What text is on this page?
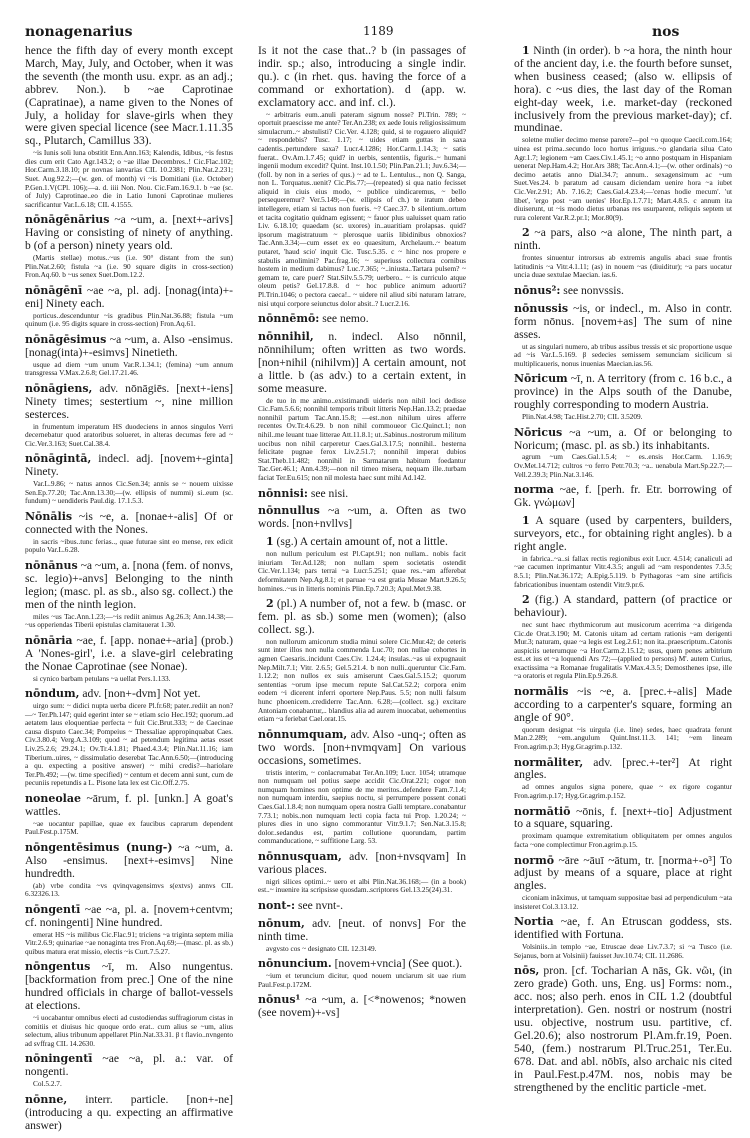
nonagenarius	1189	nos
hence the fifth day of every month except March, May, July, and October, when it was the seventh (the month usu. expr. as an adj.; abbrev. Non.). b ~ae Caprotinae (Capratinae), a name given to the Nones of July, a holiday for slave-girls when they were given special licence (see Macr.1.11.35 sq., Plutarch, Camillus 33).
~is Iunis soli luna obstitit Enn.Ann.163; Kalendis, Idibus, ~is festus dies cum erit Cato Agr.143.2; o ~ae illae Decembres..! Cic.Flac.102; Hor.Carm.3.18.10; pr novnas ianvarias CIL 10.2381; Plin.Nat.2.231; Suet. Aug.92.2;—(w. gen. of month) vi ~is Domitiani (i.e. October) P.Gen.1.V(CPl. 106);—a. d. iiii Non. Nou. Cic.Fam.16.9.1. b ~ae (sc. of July) Caprotinae..eo die in Latio Iunoni Caprotinae mulieres sacrificantur Var.L.6.18; CIL 4.1555.
nōnāgēnārius ~a ~um, a. [next+-arivs] Having or consisting of ninety of anything. b (of a person) ninety years old.
(Martis stellae) motus..~us (i.e. 90° distant from the sun) Plin.Nat.2.60; fistula ~a (i.e. 90 square digits in cross-section) Fron.Aq.60. b ~us senex Suet.Dom.12.2.
nōnāgēnī ~ae ~a, pl. adj. [nonag(inta)+-eni] Ninety each.
porticus..descenduntur ~is gradibus Plin.Nat.36.88; fistula ~um quinum (i.e. 95 digits square in cross-section) Fron.Aq.61.
nōnāgēsimus ~a ~um, a. Also -ensimus. [nonag(inta)+-esimvs] Ninetieth.
usque ad diem ~um unum Var.R.1.34.1; (femina) ~um annum transgressa V.Max.2.6.8; Gel.17.21.46.
nōnāgiens, adv. nōnāgiēs. [next+-iens] Ninety times; sestertium ~, nine million sesterces.
in frumentum imperatum HS duodeciens in annos singulos Verri decernebatur quod aratoribus solueret, in alteras decumas fere ad ~ Cic.Ver.3.163; Suet.Cal.38.4.
nōnāgintā, indecl. adj. [novem+-ginta] Ninety.
Var.L.9.86; ~ natus annos Cic.Sen.34; annis se ~ nouem uixisse Sen.Ep.77.20; Tac.Ann.13.30;—(w. ellipsis of nummi) si..eum (sc. fundum) ~ uendideris Paul.dig. 17.1.5.3.
Nōnālis ~is ~e, a. [nonae+-alis] Of or connected with the Nones.
in sacris ~ibus..tunc ferias.., quae futurae sint eo mense, rex edicit populo Var.L.6.28.
nōnānus ~a ~um, a. [nona (fem. of nonvs, sc. legio)+-anvs] Belonging to the ninth legion; (masc. pl. as sb., also sg. collect.) the men of the ninth legion.
miles ~us Tac.Ann.1.23;—~is rediit animus Ag.26.3; Ann.14.38;—~us opperiendas Tiberii epistulas clamitauerat 1.30.
nōnāria ~ae, f. [app. nonae+-aria] (prob.) A 'Nones-girl', i.e. a slave-girl celebrating the Nonae Caprotinae (see Nonae).
si cynico barbam petulans ~a uellat Pers.1.133.
nōndum, adv. [non+-dvm] Not yet.
uirgo sum: ~ didici nupta uerba dicere Pl.fr.68; pater..rediit an non?—~ Ter.Ph.147; quid egerint inter se ~ etiam scio Hec.192; quorum..ad aetatem laus eloquentiae perfecta ~ fuit Cic.Brut.333; ~ de Caecinae causa disputo Caec.34; Pompeius ~ Thessaliae appropinquabat Caes. Civ.3.80.4; Verg.A.3.109; quod ~ ad petendum legitima aetas esset Liv.25.2.6; 29.24.1; Ov.Tr.4.1.81; Phaed.4.3.4; Plin.Nat.11.16; iam Tiberium..uires, ~ dissimulatio deserebat Tac.Ann.6.50;—(introducing a qu. expecting a positive answer) ~ mihi credis?—hariolare Ter.Ph.492; —(w. time specified) ~ centum et decem anni sunt, cum de pecuniis repetundis a L. Pisone lata lex est Cic.Off.2.75.
noneolae ~ārum, f. pl. [unkn.] A goat's wattles.
~ae uocantur papillae, quae ex faucibus caprarum dependent Paul.Fest.p.175M.
nōngentēsimus (nung-) ~a ~um, a. Also -ensimus. [next+-esimvs] Nine hundredth.
(ab) vrbe condita ~vs qvinqvagensimvs s(extvs) annvs CIL 6.32326.13.
nōngentī ~ae ~a, pl. a. [novem+centvm; cf. noningenti] Nine hundred.
emerat HS ~is milibus Cic.Flac.91; triciens ~a triginta septem milia Vitr.2.6.9; quinariae ~ae nonaginta tres Fron.Aq.69;—(masc. pl. as sb.) quibus matura erat missio, electis ~is Curt.7.5.27.
nōngentus ~ī, m. Also nungentus. [backformation from prec.] One of the nine hundred officials in charge of ballot-vessels at elections.
~i uocabantur omnibus electi ad custodiendas suffragiorum cistas in comitiis et diuisus hic quoque ordo erat.. cum alius se ~um, alius selectum, alius tribunum appellaret Plin.Nat.33.31. β t flavio..nvngento ad svffrag CIL 14.2630.
nōningentī ~ae ~a, pl. a.: var. of nongenti.
Col.5.2.7.
nōnne, interr. particle. [non+-ne] (introducing a qu. expecting an affirmative answer)
Is it not the case that..? b (in passages of indir. sp.; also, introducing a single indir. qu.). c (in rhet. qus. having the force of a command or exhortation). d (app. w. exclamatory acc. and inf. cl.).
~ arbitraris eum..anuli pateram signum nosse? Pl.Trin. 789; ~ oportuit praescisse me ante? Ter.An.238; ex aede Iouis religiosissimum simulacrum..~ abstulisti? Cic.Ver. 4.128; quid, si te rogauero aliquid? ~ respondebis? Tusc. 1.17; ~ uides etiam guttas in saxa cadentis..pertundere saxa? Lucr.4.1286; Hor.Carm.1.14.3; ~ satis fuerat.. Ov.Am.1.7.45; quid? in uerbis, sententiis, figuris..~ humani ingenii modum excedit? Quint. Inst.10.1.50; Plin.Pan.21.1; Juv.6.34;—(foll. by non in a series of qus.) ~ ad te L. Lentulus.., non Q. Sanga, non L. Torquatus..uenit? Cic.Pis.77;—(repeated) si qua natio fecisset aliquid in ciuis eius modo, ~ publice uindicaremus, ~ bello persequeremur? Ver.5.149;—(w. ellipsis of ch.) te iratum debeo intellegere, etiam si tactus non fueris. ~? Caec.37. b silentium..ortum et tacita cogitatio quidnam egissent; ~ fauor plus ualuisset quam ratio Liv. 6.18.10; quaedam (sc. uxores) in..auaritiam prolapsas. quid? ipsorum magistratuum ~ plerosque uariis libidinibus obnoxios? Tac.Ann.3.34;—cum esset ex eo quaesitum, Archelaum..~ beatum putaret, 'haud scio' inquit Cic. Tusc.5.35. c ~ hinc nos propere e stabulis amolimini? Pac.frag.16; ~ superiuss collectura cornibus hostem in medium dabimus? Luc.7.365; ~..iniusta..Tartara pulsem? ~ gemam te, care puer? Stat.Silv.5.5.79; uerbero.. ~ is curriculo atque oleum petis? Gel.17.8.8. d ~ hoc publice animum aduorti? Pl.Trin.1046; o pectora caeca!.. ~ uidere nil aliud sibi naturam latrare, nisi utqui corpore seiunctus dolor absit..? Lucr.2.16.
nōnnēmō: see nemo.
nōnnihil, n. indecl. Also nōnnil, nōnnihilum; often written as two words. [non+nihil (nihilvm)] A certain amount, not a little. b (as adv.) to a certain extent, in some measure.
de tuo in me animo..existimandi uideris non nihil loci dedisse Cic.Fam.5.6.6; nonnihil temporis tribuit litteris Nep.Han.13.2; praedae nonnihil partum Tac.Ann.15.8; —est..non nihilum uires afferre recentes Ov.Tr.4.6.29. b non nihil commoueor Cic.Quinct.1; non nihil..me leuant tuae litterae Att.11.8.1; ut..Sabinus..nostrorum militum uocibus non nihil carperetur Caes.Gal.3.17.5; nonnihil.. hesterna felicitate pugnae ferox Liv.2.51.7; nonnihil imperat dubios Stat.Theb.11.482; nonnihil in Sarmatarum habitum foedantur Tac.Ger.46.1; Ann.4.39;—non nil timeo misera, nequam ille..turbam faciat Ter.Eu.615; non nil molesta haec sunt mihi Ad.142.
nōnnisi: see nisi.
nōnnullus ~a ~um, a. Often as two words. [non+nvllvs]
1 (sg.) A certain amount of, not a little.
non nullum periculum est Pl.Capt.91; non nullam.. nobis facit iniuriam Ter.Ad.128; non nullam spem societatis ostendit Cic.Ver.1.134; pars terrai ~a Lucr.5.251; quae res..~am afferebat deformitatem Nep.Ag.8.1; et paruae ~a est gratia Musae Mart.9.26.5; homines..~us in litteris nominis Plin.Ep.7.20.3; Apul.Met.9.38.
2 (pl.) A number of, not a few. b (masc. or fem. pl. as sb.) some men (women); (also collect. sg.).
non nullorum amicorum studia minui solere Cic.Mur.42; de ceteris sunt inter illos non nulla commenda Luc.70; non nullae cohortes in agmen Caesaris..incidunt Caes.Civ. 1.24.4; insulas..~as ui expugnauit Nep.Milt.7.1; Vitr. 2.6.5; Gel.5.21.4. b non nulli..queruntur Cic.Fam. 1.12.2; non nullos ex suis amiserunt Caes.Gal.5.15.2; quorum sententias ~orum ipse mecum repute Sal.Cat.52.2; corpora enim eodem ~i dicerent inferri oportere Nep.Paus. 5.5; non nulli falsum hunc phoenicem..crediderre Tac.Ann. 6.28;—(collect. sg.) excitare Antoniam conabantur,.. blandius alia ad aurem inuocabat, uehementius etiam ~a feriebat Cael.orat.15.
nōnnumquam, adv. Also -unq-; often as two words. [non+nvmqvam] On various occasions, sometimes.
tristis interim, ~ conlacrumabat Ter.An.109; Lucr. 1054; utramque non numquam uel potius saepe accidit Cic.Orat.221; cogor non numquam homines non optime de me meritos..defendere Fam.7.1.4; non numquam interdiu, saepius noctu, si perrumpere possent conati Caes.Gal.1.8.4; non numquam opera nostra Galli temptare..conabantur 7.73.1; nobis..non numquam lecti copia facta tui Prop. 1.20.24; ~ plures dies in uno signo commorantur Vitr.9.1.7; Sen.Nat.3.15.8; dolor..sedandus est, partim collutione quorundam, partim commanducatione, ~ suffitione Larg. 53.
nōnnusquam, adv. [non+nvsqvam] In various places.
nigri silices optimi..~ uero et albi Plin.Nat.36.168;— (in a book) est..~ inuenire ita scripsisse quosdam..scriptores Gel.13.25(24).31.
nont-: see nvnt-.
nōnum, adv. [neut. of nonvs] For the ninth time.
avgvsto cos ~ designato CIL 12.3149.
nōnuncium. [novem+vncia] (See quot.).
~ium et teruncium dicitur, quod nouem unciarum sit uae rium Paul.Fest.p.172M.
nōnus¹ ~a ~um, a. [<*nowenos; *nowen (see novem)+-vs]
1 Ninth (in order). b ~a hora, the ninth hour of the ancient day, i.e. the fourth before sunset, when business ceased; (also w. ellipsis of hora). c ~us dies, the last day of the Roman eight-day week, i.e. market-day (reckoned inclusively from the previous market-day); cf. mundinae.
soletne mulier decimo mense parere?—pol ~o quoque Caecil.com.164; uinea est prima..secundo loco hortus irriguus..~o glandaria silua Cato Agr.1.7; legionem ~am Caes.Civ.1.45.1; ~o anno postquam in Hispaniam uenerat Nep.Ham.4.2; Hor.Ars 388; Tac.Ann.4.1;—(w. other ordinals) ~o decimo aetatis anno Dial.34.7; annum.. sexagensimum ac ~um Suet.Ves.24. b paratum ad causam diciendam uenire hora ~a iubet Cic.Ver.2.91; Ab. 7.16.2; Caes.Gal.4.23.4;—'cenas hodie mecum'. 'ut libet', 'ergo post ~am uenies' Hor.Ep.1.7.71; Mart.4.8.5. c annum ita diuiserunt, ut ~is modo dietus urbanas res usurparent, reliquis septem ut rura colerent Var.R.2.pr.1; Mor.80(9).
2 ~a pars, also ~a alone, The ninth part, a ninth.
frontes sinuentur introrsus ab extremis angulis abaci suae frontis latitudinis ~a Vitr.4.1.11; (as) in nouem ~as (diuiditur); ~a pars uocatur uncia duae sextulae Maecian. ias.6.
nōnus²: see nonvssis.
nōnussis ~is, or indecl., m. Also in contr. form nōnus. [novem+as] The sum of nine asses.
ut as singulari numero, ab tribus assibus tressis et sic proportione usque ad ~is Var.L.5.169. β sedecies semissem semunciam sicilicum si multiplicaueris, nonus inuenias Maecian.ias.56.
Nōricum ~ī, n. A territory (from c. 16 b.c., a province) in the Alps south of the Danube, roughly corresponding to modern Austria.
Plin.Nat.4.98; Tac.Hist.2.70; CIL 3.5209.
Nōricus ~a ~um, a. Of or belonging to Noricum; (masc. pl. as sb.) its inhabitants.
agrum ~um Caes.Gal.1.5.4; ~ es..ensis Hor.Carm. 1.16.9; Ov.Met.14.712; cultros ~o ferro Petr.70.3; ~a.. uenabula Mart.Sp.22.7;—Vell.2.39.3; Plin.Nat.3.146.
norma ~ae, f. [perh. fr. Etr. borrowing of Gk. γνώμων]
1 A square (used by carpenters, builders, surveyors, etc., for obtaining right angles). b a right angle.
in fabrica..~a..si fallax rectis regionibus exit Lucr. 4.514; canaliculi ad ~ae cacumen inprimantur Vitr.4.3.5; anguli ad ~am respondentes 7.3.5; 8.5.1; Plin.Nat.36.172; A.Epig.5.119. b Pythagoras ~am sine artificis fabricationibus inuentam ostendit Vitr.9.pr.6.
2 (fig.) A standard, pattern (of practice or behaviour).
nec sunt haec rhythmicorum aut musicorum acerrima ~a dirigenda Cic.de Orat.3.190; M. Catonis uitam ad certam rationis ~am derigenti Mur.3; naturam, quae ~a legis est Leg.2.61; non ita..praescriptum..Catonis auspiciis ueterumque ~a Hor.Carm.2.15.12; usus, quem penes arbitrium est..et ius et ~a loquendi Ars 72;—(applied to persons) M'. autem Curius, exactissima ~a Romanae frugalitatis V.Max.4.3.5; Demosthenes ipse, ille ~a oratoris et regula Plin.Ep.9.26.8.
normālis ~is ~e, a. [prec.+-alis] Made according to a carpenter's square, forming an angle of 90°.
quorum designat ~is uirgula (i.e. line) sedes, haec quadrata ferunt Man.2.289; ~em..angulum Quint.Inst.11.3. 141; ~em lineam Fron.agrim.p.3; Hyg.Gr.agrim.p.132.
normāliter, adv. [prec.+-ter²] At right angles.
ad omnes angulos signa ponere, quae ~ ex rigore cogantur Fron.agrim.p.17; Hyg.Gr.agrim.p.152.
normātiō ~ōnis, f. [next+-tio] Adjustment to a square, squaring.
proximam quamque extremitatium obliquitatem per omnes angulos facta ~one complectimur Fron.agrim.p.15.
normō ~āre ~āuī ~ātum, tr. [norma+-o³] To adjust by means of a square, place at right angles.
ciconiam ināximus, ut tamquam suppositae basi ad perpendiculum ~ata insisteret Col.3.13.12.
Nortia ~ae, f. An Etruscan goddess, sts. identified with Fortuna.
Volsiniis..in templo ~ae, Etruscae deae Liv.7.3.7; si ~a Tusco (i.e. Sejanus, born at Volsinii) fauisset Juv.10.74; CIL 11.2686.
nōs, pron. [cf. Tocharian A nās, Gk. νῶι, (in zero grade) Goth. uns, Eng. us] Forms: nom., acc. nos; also perh. enos in CIL 1.2 (doubtful interpretation). Gen. nostri or nostrum (nostri usu. objective, nostrum usu. partitive, cf. Gel.20.6); also nostrorum Pl.Am.fr.19, Poen. 540, (fem.) nostrarum Pl.Truc.251, Ter.Eu. 678. Dat. and abl. nōbīs, also archaic nis cited in Paul.Fest.p.47M. nos, nobis may be strengthened by the enclitic particle -met.
